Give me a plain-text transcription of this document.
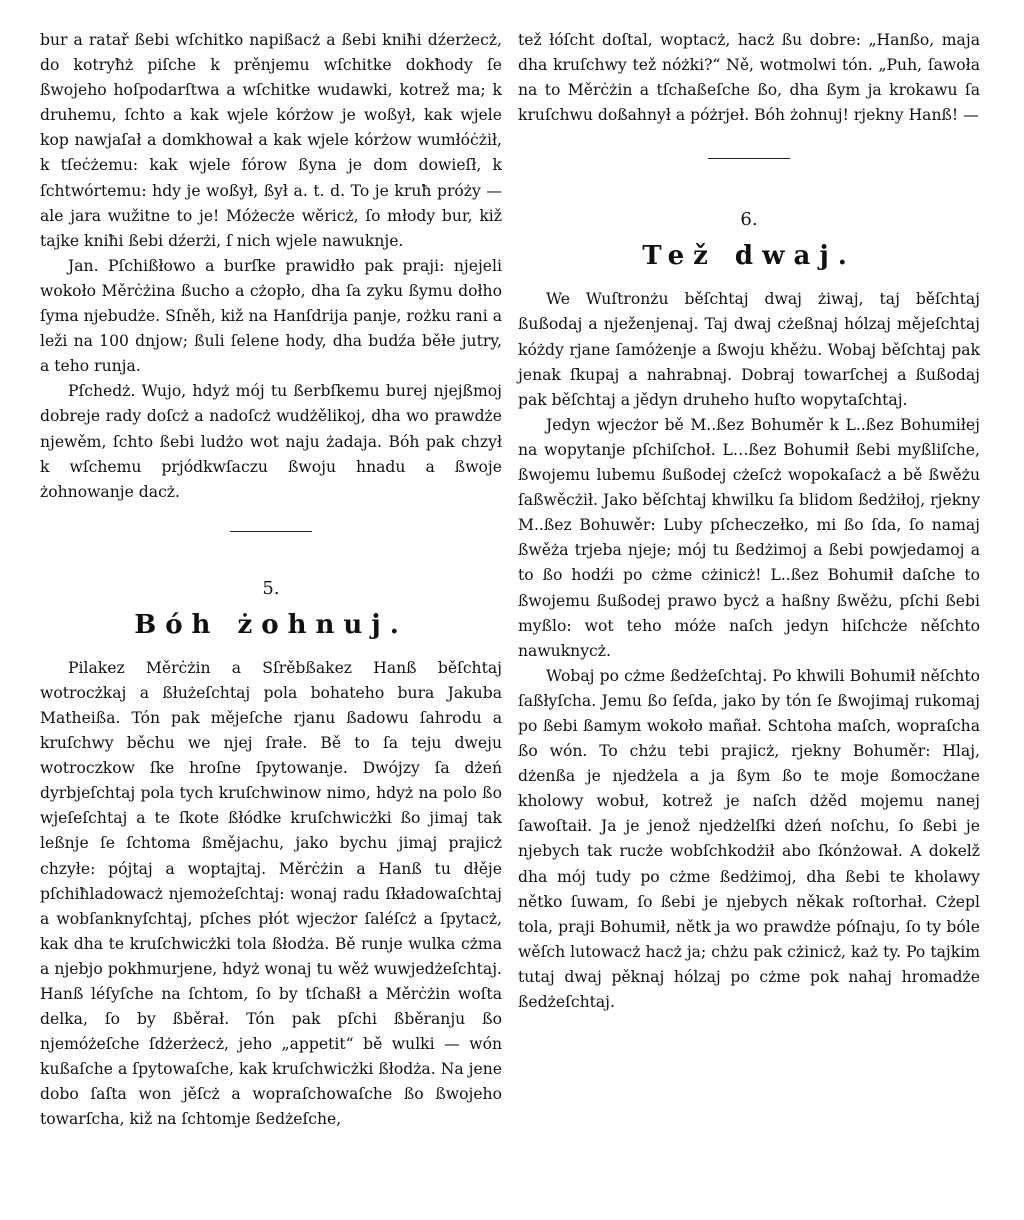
bur a ratař ßebi wſchitko napißacż a ßebi kniħi dźerżecż, do kotryħż piſche k prěnjemu wſchitke dokħody ſe ßwojeho hoſpodarſtwa a wſchitke wudawki, kotrež ma; k druhemu, ſchto a kak wjele kórżow je woßył, kak wjele kop nawjaſał a domkhował a kak wjele kórżow wumłóċżił, k tſeċżemu: kak wjele fórow ßyna je dom dowieſł, k ſchtwórtemu: hdy je woßył, ßył a. t. d. To je kruħ próży — ale jara wužitne to je! Móżecże wěricż, ſo młody bur, kiž tajke kniħi ßebi dźerżi, ſ nich wjele nawuknje.

Jan. Pſchißłowo a burſke prawidło pak praji: njejeli wokoło Měrċżina ßucho a cżopło, dha ſa zyku ßymu dołho ſyma njebudże. Sſněh, kiž na Hanſdrija panje, rożku rani a leži na 100 dnjow; ßuli ſelene hody, dha budźa běłe jutry, a teho runja.

Pſchedż. Wujo, hdyż mój tu ßerbſkemu burej njejßmoj dobreje rady doſcż a nadoſcż wudżělikoj, dha wo prawdże njewěm, ſchto ßebi ludżo wot naju żadaja. Bóh pak chzył k wſchemu prjódkwſaczu ßwoju hnadu a ßwoje żohnowanje dacż.

5.
Bóh żohnuj.

Pilakez Měrċżin a Sſrěbßakez Hanß běſchtaj wotrocżkaj a ßłużeſchtaj pola bohateho bura Jakuba Matheißa. Tón pak mějeſche rjanu ßadowu ſahrodu a kruſchwy běchu we njej ſrałe. Bě to ſa teju dweju wotroczkow ſke hroſne ſpytowanje. Dwójzy ſa dżeń dyrbjeſchtaj pola tych kruſchwinow nimo, hdyż na polo ßo wjeſeſchtaj a te ſkote ßłódke kruſchwicżki ßo jimaj tak leßnje ſe ſchtoma ßmějachu, jako bychu jimaj prajicż chzyłe: pójtaj a woptajtaj. Měrċżin a Hanß tu dłěje pſchiħladowacż njemożeſchtaj: wonaj radu ſkładowaſchtaj a wobſanknyſchtaj, pſches płót wjecżor ſaléſcż a ſpytacż, kak dha te kruſchwicżki tola ßłodża. Bě runje wulka cżma a njebjo pokhmurjene, hdyż wonaj tu wěż wuwjedżeſchtaj. Hanß léſyſche na ſchtom, ſo by tſchaßł a Měrċżin woſta delka, ſo by ßběrał. Tón pak pſchi ßběranju ßo njemóżeſche ſdżerżecż, jeho „appetit“ bě wulki — wón kußaſche a ſpytowaſche, kak kruſchwicżki ßłodża. Na jene dobo ſaſta won jěſcż a wopraſchowaſche ßo ßwojeho towarſcha, kiž na ſchtomje ßedżeſche,

tež łóſcht doſtal, woptacż, hacż ßu dobre: „Hanßo, maja dha kruſchwy tež nóżki?“ Ně, wotmolwi tón. „Puh, ſawoła na to Měrċżin a tſchaßeſche ßo, dha ßym ja krokawu ſa kruſchwu doßahnył a póżrjeł. Bóh żohnuj! rjekny Hanß! —

6.
Tež dwaj.

We Wuſtronżu běſchtaj dwaj żiwaj, taj běſchtaj ßußodaj a nježenjenaj. Taj dwaj cżeßnaj hólzaj mějeſchtaj kóżdy rjane ſamóżenje a ßwoju khěżu. Wobaj běſchtaj pak jenak ſkupaj a nahrabnaj. Dobraj towarſchej a ßußodaj pak běſchtaj a jědyn druheho huſto wopytaſchtaj.

Jedyn wjecżor bě M..ßez Bohuměr k L..ßez Bohumiłej na wopytanje pſchiſchoł. L…ßez Bohumił ßebi myßliſche, ßwojemu lubemu ßußodej cżeſcż wopokaſacż a bě ßwěżu ſaßwěcżił. Jako běſchtaj khwilku ſa blidom ßedżiłoj, rjekny M..ßez Bohuwěr: Luby pſcheczełko, mi ßo ſda, ſo namaj ßwěża trjeba njeje; mój tu ßedżimoj a ßebi powjedamoj a to ßo hodźi po cżme cżinicż! L..ßez Bohumił daſche to ßwojemu ßußodej prawo bycż a haßny ßwěżu, pſchi ßebi myßlo: wot teho móże naſch jedyn hiſchcże něſchto nawuknycż.

Wobaj po cżme ßedżeſchtaj. Po khwili Bohumił něſchto ſaßłyſcha. Jemu ßo ſeſda, jako by tón ſe ßwojimaj rukomaj po ßebi ßamym wokoło mañał. Schtoha maſch, wopraſcha ßo wón. To chżu tebi prajicż, rjekny Bohuměr: Hlaj, dżenßa je njedżela a ja ßym ßo te moje ßomocżane kholowy wobuł, kotrež je naſch dżěd mojemu nanej ſawoſtaił. Ja je jenož njedżelſki dżeń noſchu, ſo ßebi je njebych tak rucże wobſchkodżił abo ſkónżował. A dokelž dha mój tudy po cżme ßedżimoj, dha ßebi te kholawy nětko ſuwam, ſo ßebi je njebych někak roſtorhał. Cżepl tola, praji Bohumił, nětk ja wo prawdże póſnaju, ſo ty bóle wěſch lutowacż hacż ja; chżu pak cżinicż, każ ty. Po tajkim tutaj dwaj pěknaj hólzaj po cżme pok nahaj hromadże ßedżeſchtaj.
